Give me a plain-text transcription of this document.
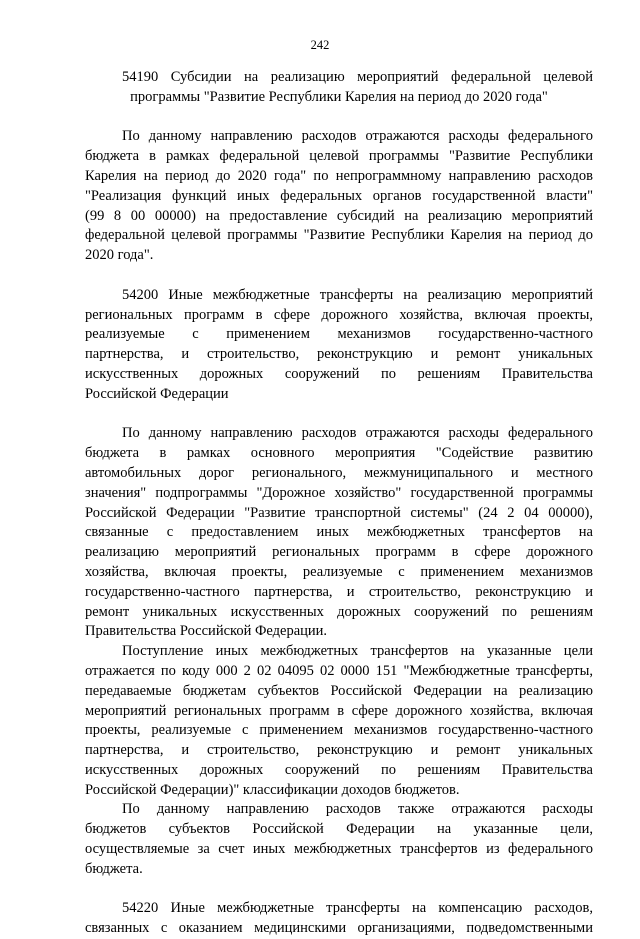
242
54190 Субсидии на реализацию мероприятий федеральной целевой
программы "Развитие Республики Карелия на период до 2020 года"
По данному направлению расходов отражаются расходы федерального
бюджета в рамках федеральной целевой программы "Развитие Республики
Карелия на период до 2020 года" по непрограммному направлению расходов
"Реализация функций иных федеральных органов государственной власти"
(99 8 00 00000) на предоставление субсидий на реализацию мероприятий
федеральной целевой программы "Развитие Республики Карелия на период до
2020 года".
54200 Иные межбюджетные трансферты на реализацию мероприятий
региональных программ в сфере дорожного хозяйства, включая проекты,
реализуемые с применением механизмов государственно-частного
партнерства, и строительство, реконструкцию и ремонт уникальных
искусственных дорожных сооружений по решениям Правительства
Российской Федерации
По данному направлению расходов отражаются расходы федерального
бюджета в рамках основного мероприятия "Содействие развитию
автомобильных дорог регионального, межмуниципального и местного
значения" подпрограммы "Дорожное хозяйство" государственной программы
Российской Федерации "Развитие транспортной системы" (24 2 04 00000),
связанные с предоставлением иных межбюджетных трансфертов на
реализацию мероприятий региональных программ в сфере дорожного
хозяйства, включая проекты, реализуемые с применением механизмов
государственно-частного партнерства, и строительство, реконструкцию и
ремонт уникальных искусственных дорожных сооружений по решениям
Правительства Российской Федерации.
Поступление иных межбюджетных трансфертов на указанные цели
отражается по коду 000 2 02 04095 02 0000 151 "Межбюджетные трансферты,
передаваемые бюджетам субъектов Российской Федерации на реализацию
мероприятий региональных программ в сфере дорожного хозяйства, включая
проекты, реализуемые с применением механизмов государственно-частного
партнерства, и строительство, реконструкцию и ремонт уникальных
искусственных дорожных сооружений по решениям Правительства
Российской Федерации)" классификации доходов бюджетов.
По данному направлению расходов также отражаются расходы
бюджетов субъектов Российской Федерации на указанные цели,
осуществляемые за счет иных межбюджетных трансфертов из федерального
бюджета.
54220 Иные межбюджетные трансферты на компенсацию расходов,
связанных с оказанием медицинскими организациями, подведомственными
